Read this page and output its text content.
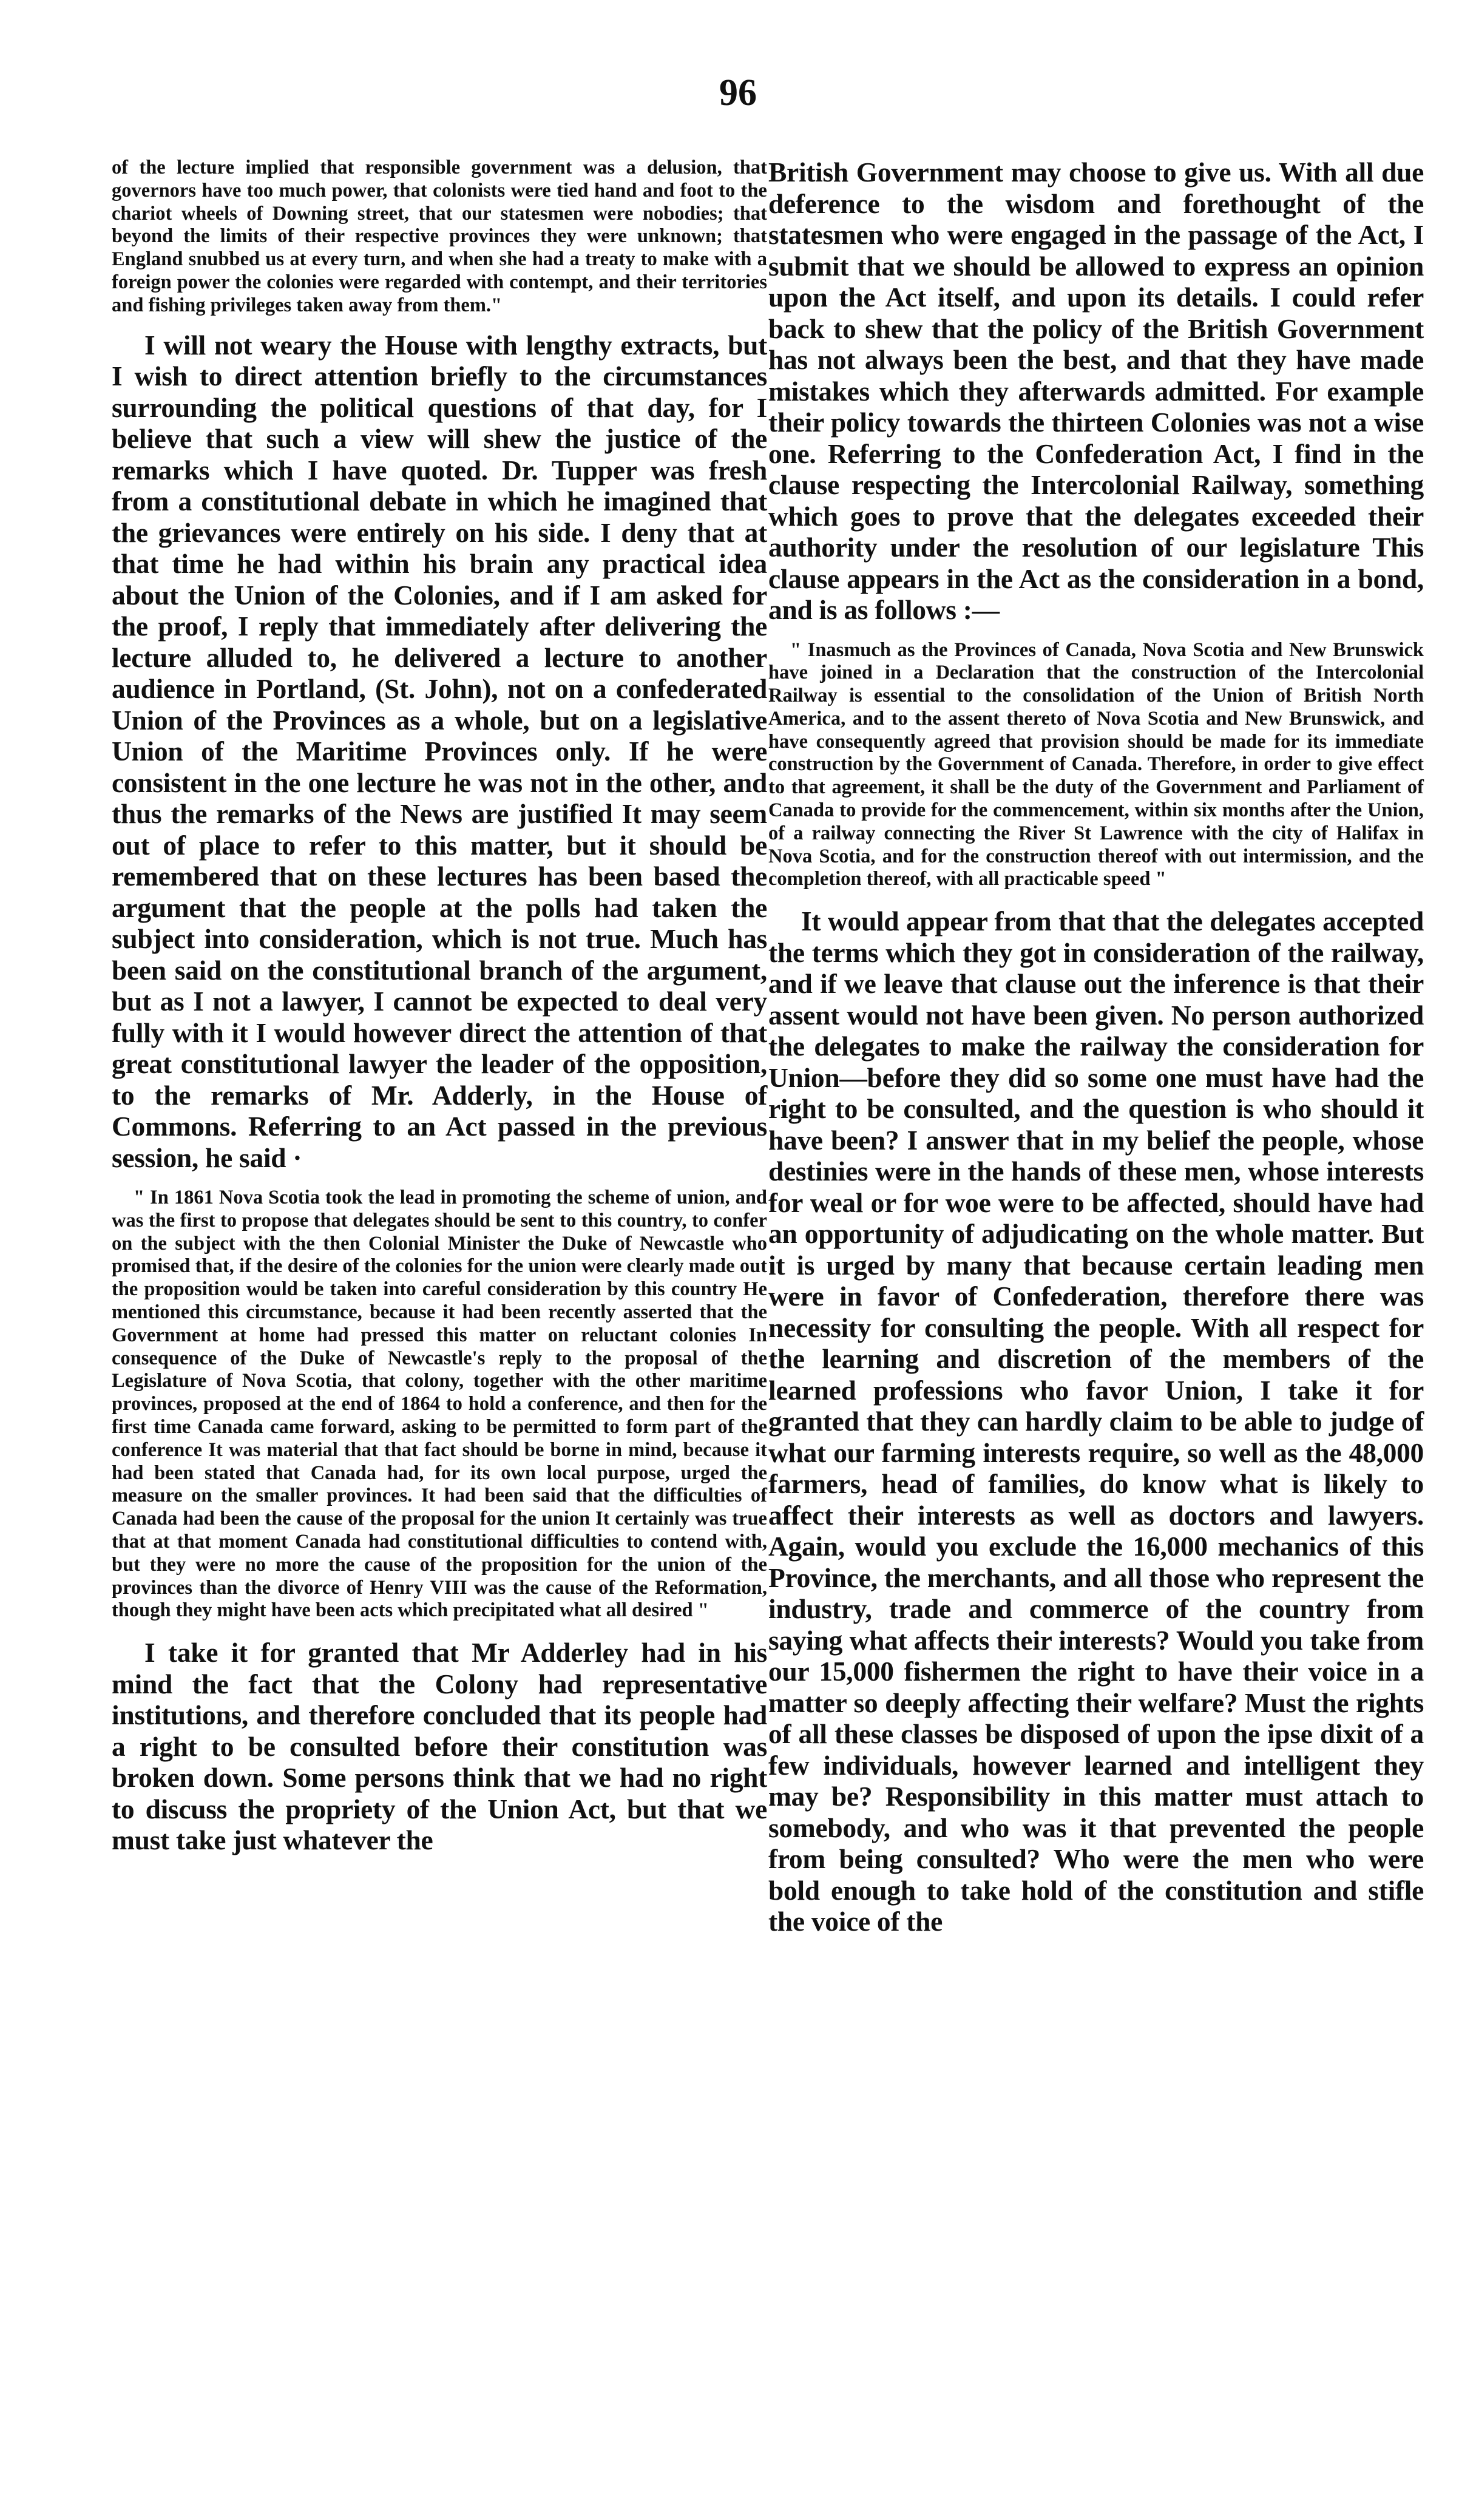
96

of the lecture implied that responsible government was a delusion, that governors have too much power, that colonists were tied hand and foot to the chariot wheels of Downing street, that our statesmen were nobodies; that beyond the limits of their respective provinces they were unknown; that England snubbed us at every turn, and when she had a treaty to make with a foreign power the colonies were regarded with contempt, and their territories and fishing privileges taken away from them."

I will not weary the House with lengthy extracts, but I wish to direct attention briefly to the circumstances surrounding the political questions of that day, for I believe that such a view will shew the justice of the remarks which I have quoted. Dr. Tupper was fresh from a constitutional debate in which he imagined that the grievances were entirely on his side. I deny that at that time he had within his brain any practical idea about the Union of the Colonies, and if I am asked for the proof, I reply that immediately after delivering the lecture alluded to, he delivered a lecture to another audience in Portland, (St. John), not on a confederated Union of the Provinces as a whole, but on a legislative Union of the Maritime Provinces only. If he were consistent in the one lecture he was not in the other, and thus the remarks of the News are justified It may seem out of place to refer to this matter, but it should be remembered that on these lectures has been based the argument that the people at the polls had taken the subject into consideration, which is not true. Much has been said on the constitutional branch of the argument, but as I not a lawyer, I cannot be expected to deal very fully with it I would however direct the attention of that great constitutional lawyer the leader of the opposition, to the remarks of Mr. Adderly, in the House of Commons. Referring to an Act passed in the previous session, he said ·

" In 1861 Nova Scotia took the lead in promoting the scheme of union, and was the first to propose that delegates should be sent to this country, to confer on the subject with the then Colonial Minister the Duke of Newcastle who promised that, if the desire of the colonies for the union were clearly made out the proposition would be taken into careful consideration by this country He mentioned this circumstance, because it had been recently asserted that the Government at home had pressed this matter on reluctant colonies In consequence of the Duke of Newcastle's reply to the proposal of the Legislature of Nova Scotia, that colony, together with the other maritime provinces, proposed at the end of 1864 to hold a conference, and then for the first time Canada came forward, asking to be permitted to form part of the conference It was material that that fact should be borne in mind, because it had been stated that Canada had, for its own local purpose, urged the measure on the smaller provinces. It had been said that the difficulties of Canada had been the cause of the proposal for the union It certainly was true that at that moment Canada had constitutional difficulties to contend with, but they were no more the cause of the proposition for the union of the provinces than the divorce of Henry VIII was the cause of the Reformation, though they might have been acts which precipitated what all desired "

I take it for granted that Mr Adderley had in his mind the fact that the Colony had representative institutions, and therefore concluded that its people had a right to be consulted before their constitution was broken down. Some persons think that we had no right to discuss the propriety of the Union Act, but that we must take just whatever the

British Government may choose to give us. With all due deference to the wisdom and forethought of the statesmen who were engaged in the passage of the Act, I submit that we should be allowed to express an opinion upon the Act itself, and upon its details. I could refer back to shew that the policy of the British Government has not always been the best, and that they have made mistakes which they afterwards admitted. For example their policy towards the thirteen Colonies was not a wise one. Referring to the Confederation Act, I find in the clause respecting the Intercolonial Railway, something which goes to prove that the delegates exceeded their authority under the resolution of our legislature This clause appears in the Act as the consideration in a bond, and is as follows :—

" Inasmuch as the Provinces of Canada, Nova Scotia and New Brunswick have joined in a Declaration that the construction of the Intercolonial Railway is essential to the consolidation of the Union of British North America, and to the assent thereto of Nova Scotia and New Brunswick, and have consequently agreed that provision should be made for its immediate construction by the Government of Canada. Therefore, in order to give effect to that agreement, it shall be the duty of the Government and Parliament of Canada to provide for the commencement, within six months after the Union, of a railway connecting the River St Lawrence with the city of Halifax in Nova Scotia, and for the construction thereof with out intermission, and the completion thereof, with all practicable speed "

It would appear from that that the delegates accepted the terms which they got in consideration of the railway, and if we leave that clause out the inference is that their assent would not have been given. No person authorized the delegates to make the railway the consideration for Union—before they did so some one must have had the right to be consulted, and the question is who should it have been? I answer that in my belief the people, whose destinies were in the hands of these men, whose interests for weal or for woe were to be affected, should have had an opportunity of adjudicating on the whole matter. But it is urged by many that because certain leading men were in favor of Confederation, therefore there was necessity for consulting the people. With all respect for the learning and discretion of the members of the learned professions who favor Union, I take it for granted that they can hardly claim to be able to judge of what our farming interests require, so well as the 48,000 farmers, head of families, do know what is likely to affect their interests as well as doctors and lawyers. Again, would you exclude the 16,000 mechanics of this Province, the merchants, and all those who represent the industry, trade and commerce of the country from saying what affects their interests? Would you take from our 15,000 fishermen the right to have their voice in a matter so deeply affecting their welfare? Must the rights of all these classes be disposed of upon the ipse dixit of a few individuals, however learned and intelligent they may be? Responsibility in this matter must attach to somebody, and who was it that prevented the people from being consulted? Who were the men who were bold enough to take hold of the constitution and stifle the voice of the
